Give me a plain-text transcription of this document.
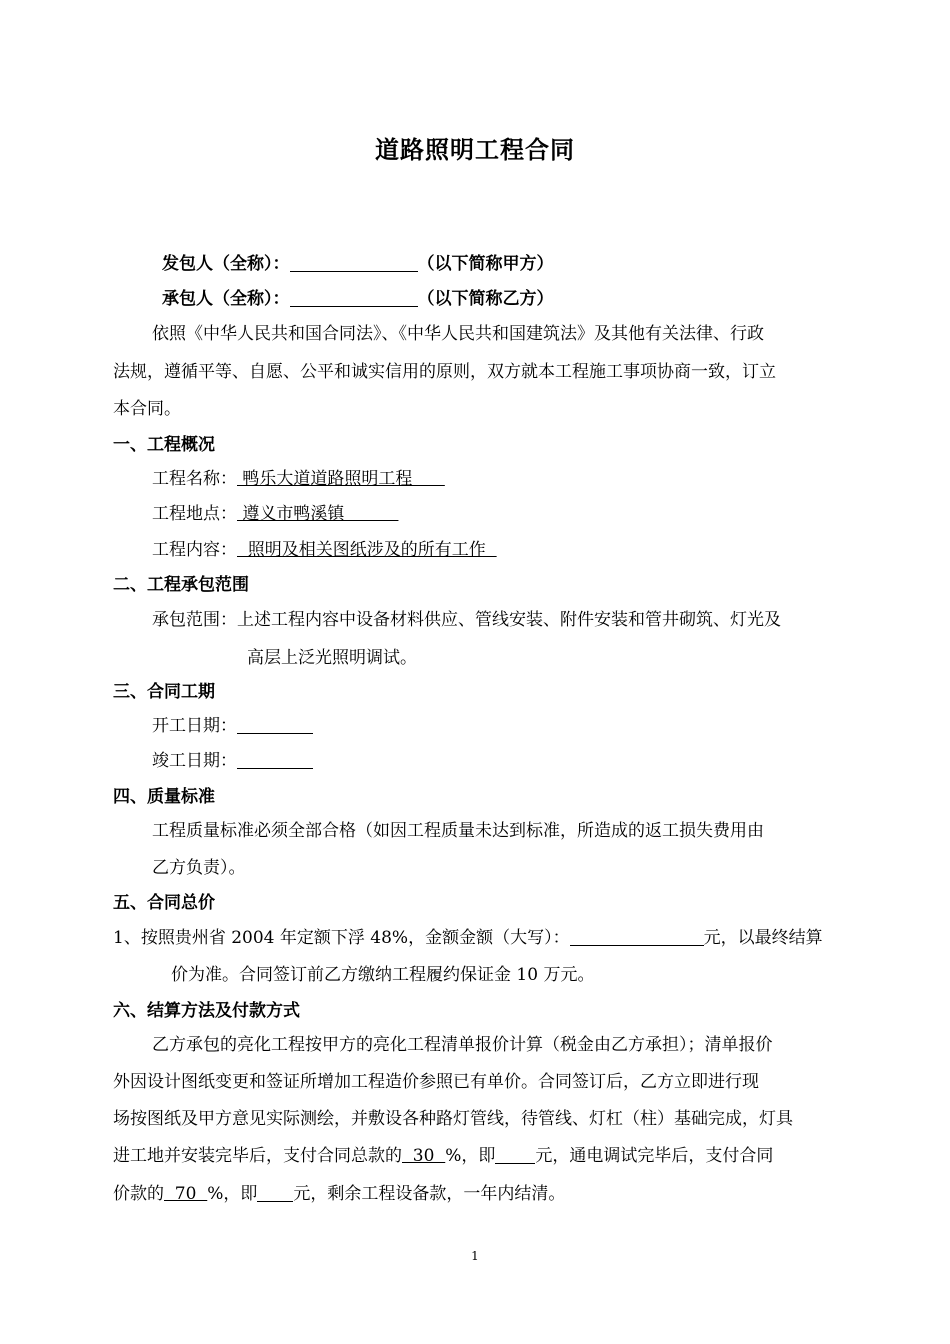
道路照明工程合同
发包人（全称）：	（以下简称甲方）
承包人（全称）：	（以下简称乙方）
依照《中华人民共和国合同法》、《中华人民共和国建筑法》及其他有关法律、行政
法规，遵循平等、自愿、公平和诚实信用的原则，双方就本工程施工事项协商一致，订立
本合同。
一、工程概况
工程名称： 鸭乐大道道路照明工程
工程地点： 遵义市鸭溪镇
工程内容：  照明及相关图纸涉及的所有工作
二、工程承包范围
承包范围：上述工程内容中设备材料供应、管线安装、附件安装和管井砌筑、灯光及
高层上泛光照明调试。
三、合同工期
开工日期：
竣工日期：
四、质量标准
工程质量标准必须全部合格（如因工程质量未达到标准，所造成的返工损失费用由
乙方负责）。
五、合同总价
1、按照贵州省 2004 年定额下浮 48%，金额金额（大写）：	元，以最终结算
价为准。合同签订前乙方缴纳工程履约保证金 10 万元。
六、结算方法及付款方式
乙方承包的亮化工程按甲方的亮化工程清单报价计算（税金由乙方承担）；清单报价
外因设计图纸变更和签证所增加工程造价参照已有单价。合同签订后，乙方立即进行现
场按图纸及甲方意见实际测绘，并敷设各种路灯管线，待管线、灯杠（柱）基础完成，灯具
进工地并安装完毕后，支付合同总款的  30  %，即 元，通电调试完毕后，支付合同
价款的  70  %，即 元，剩余工程设备款，一年内结清。
1
